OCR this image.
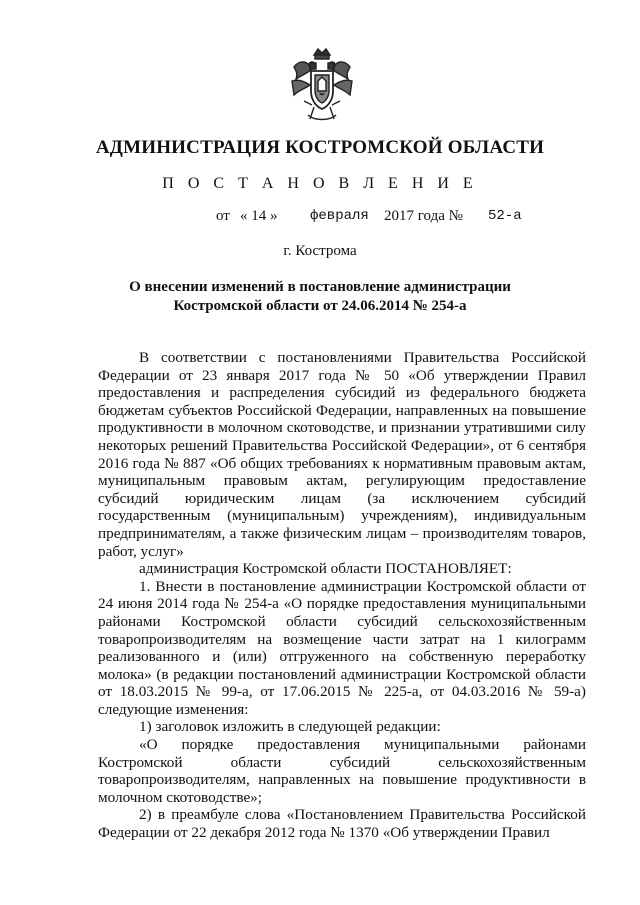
АДМИНИСТРАЦИЯ КОСТРОМСКОЙ ОБЛАСТИ
П О С Т А Н О В Л Е Н И Е
от « 14 » февраля 2017 года № 52-а
г. Кострома
О внесении изменений в постановление администрации
Костромской области от 24.06.2014 № 254-а

В соответствии с постановлениями Правительства Российской Федерации от 23 января 2017 года № 50 «Об утверждении Правил предоставления и распределения субсидий из федерального бюджета бюджетам субъектов Российской Федерации, направленных на повышение продуктивности в молочном скотоводстве, и признании утратившими силу некоторых решений Правительства Российской Федерации», от 6 сентября 2016 года № 887 «Об общих требованиях к нормативным правовым актам, муниципальным правовым актам, регулирующим предоставление субсидий юридическим лицам (за исключением субсидий государственным (муниципальным) учреждениям), индивидуальным предпринимателям, а также физическим лицам – производителям товаров, работ, услуг»

администрация Костромской области ПОСТАНОВЛЯЕТ:

1. Внести в постановление администрации Костромской области от 24 июня 2014 года № 254-а «О порядке предоставления муниципальными районами Костромской области субсидий сельскохозяйственным товаропроизводителям на возмещение части затрат на 1 килограмм реализованного и (или) отгруженного на собственную переработку молока» (в редакции постановлений администрации Костромской области от 18.03.2015 № 99-а, от 17.06.2015 № 225-а, от 04.03.2016 № 59-а) следующие изменения:

1) заголовок изложить в следующей редакции:

«О порядке предоставления муниципальными районами Костромской области субсидий сельскохозяйственным товаропроизводителям, направленных на повышение продуктивности в молочном скотоводстве»;

2) в преамбуле слова «Постановлением Правительства Российской Федерации от 22 декабря 2012 года № 1370 «Об утверждении Правил
